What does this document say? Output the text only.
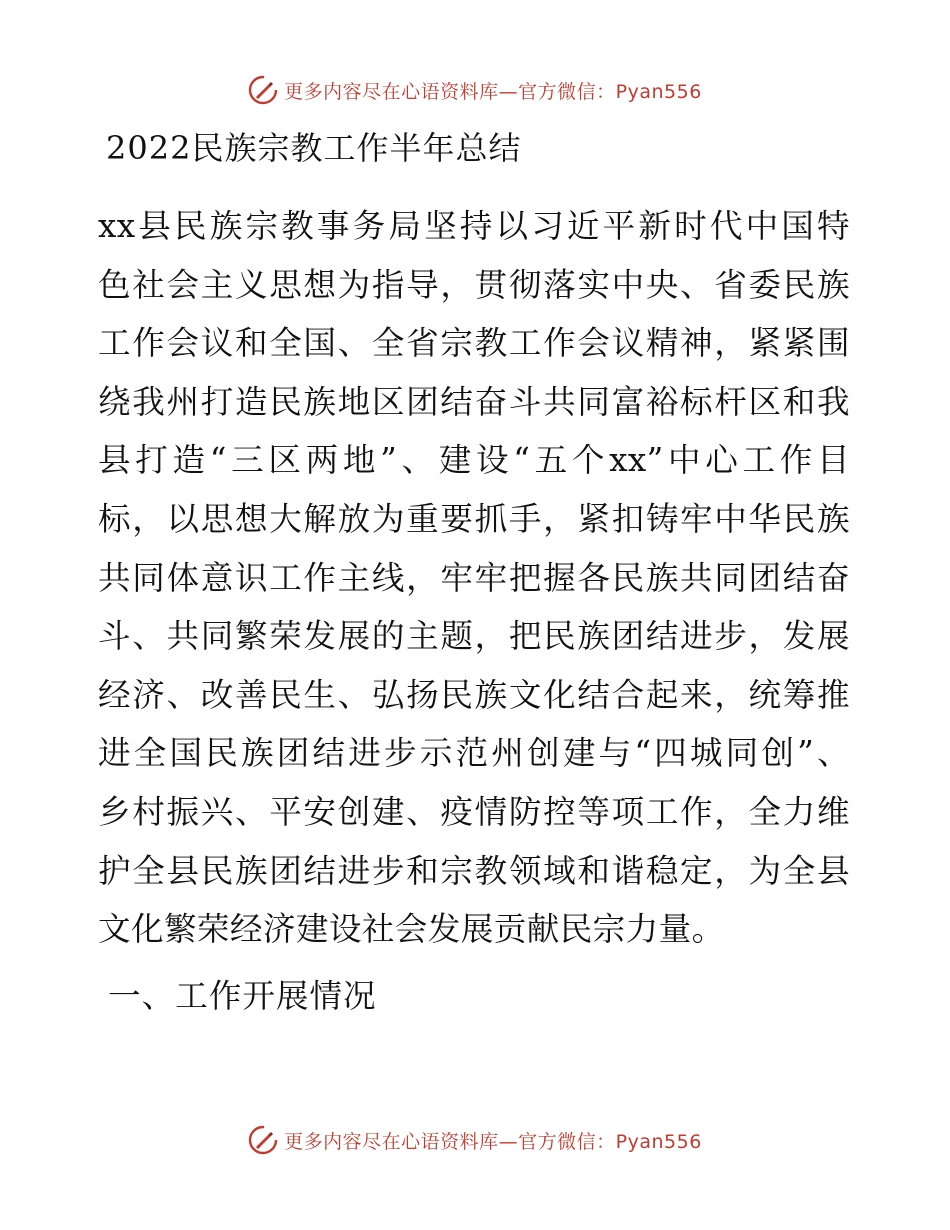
更多内容尽在心语资料库—官方微信：Pyan556
2022民族宗教工作半年总结
xx县民族宗教事务局坚持以习近平新时代中国特
色社会主义思想为指导，贯彻落实中央、省委民族
工作会议和全国、全省宗教工作会议精神，紧紧围
绕我州打造民族地区团结奋斗共同富裕标杆区和我
县打造“三区两地”、建设“五个xx”中心工作目
标，以思想大解放为重要抓手，紧扣铸牢中华民族
共同体意识工作主线，牢牢把握各民族共同团结奋
斗、共同繁荣发展的主题，把民族团结进步，发展
经济、改善民生、弘扬民族文化结合起来，统筹推
进全国民族团结进步示范州创建与“四城同创”、
乡村振兴、平安创建、疫情防控等项工作，全力维
护全县民族团结进步和宗教领域和谐稳定，为全县
文化繁荣经济建设社会发展贡献民宗力量。
一、工作开展情况
更多内容尽在心语资料库—官方微信：Pyan556
